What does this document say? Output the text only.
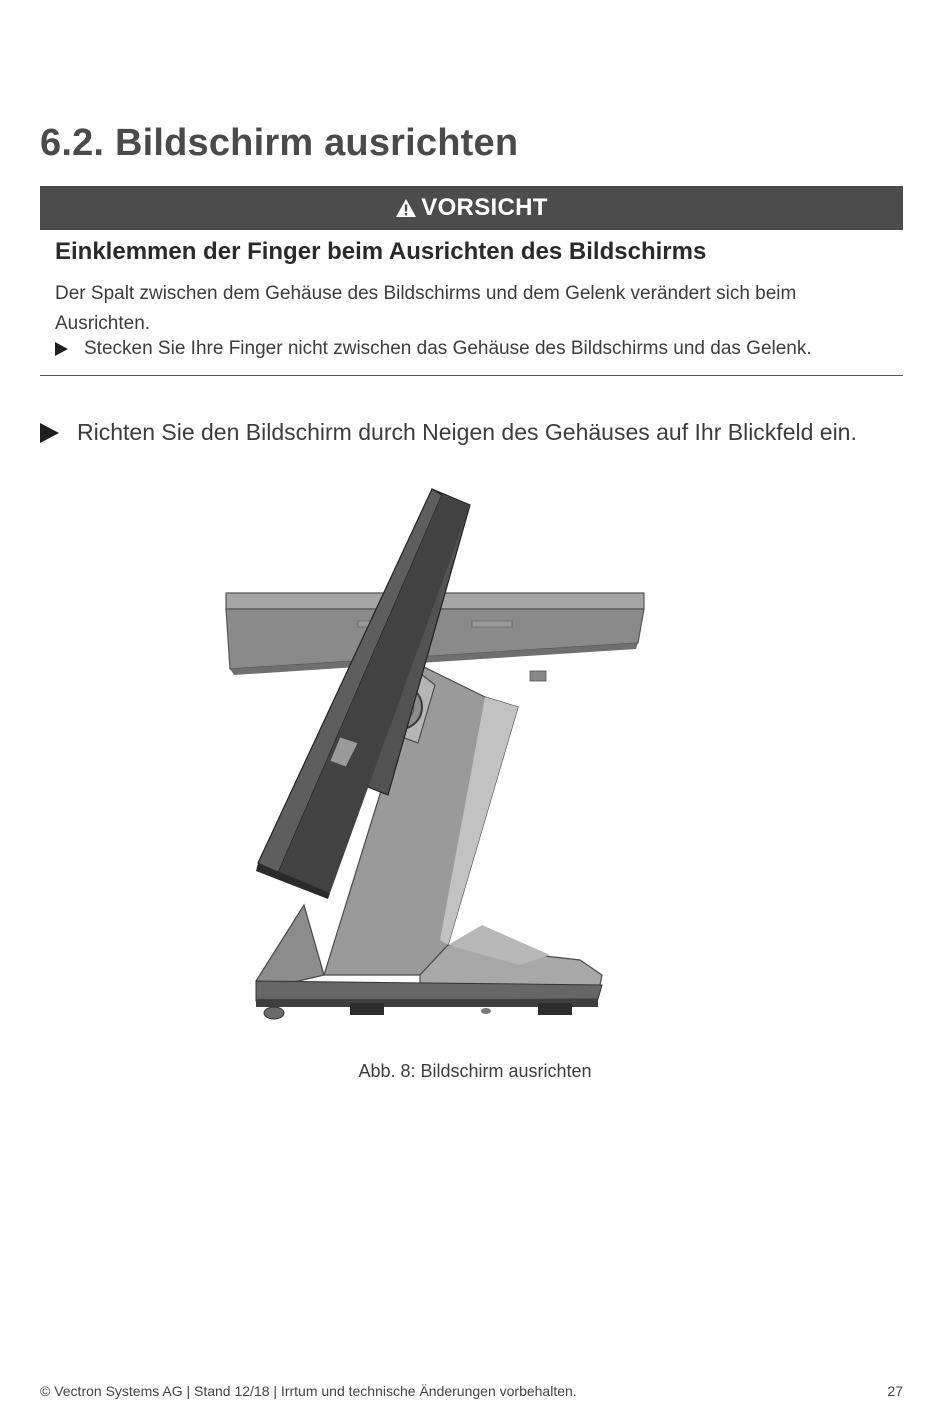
6.2. Bildschirm ausrichten
VORSICHT
Einklemmen der Finger beim Ausrichten des Bildschirms

Der Spalt zwischen dem Gehäuse des Bildschirms und dem Gelenk verändert sich beim Ausrichten.

Stecken Sie Ihre Finger nicht zwischen das Gehäuse des Bildschirms und das Gelenk.
Richten Sie den Bildschirm durch Neigen des Gehäuses auf Ihr Blickfeld ein.
Abb. 8: Bildschirm ausrichten
© Vectron Systems AG | Stand 12/18 | Irrtum und technische Änderungen vorbehalten.	27
